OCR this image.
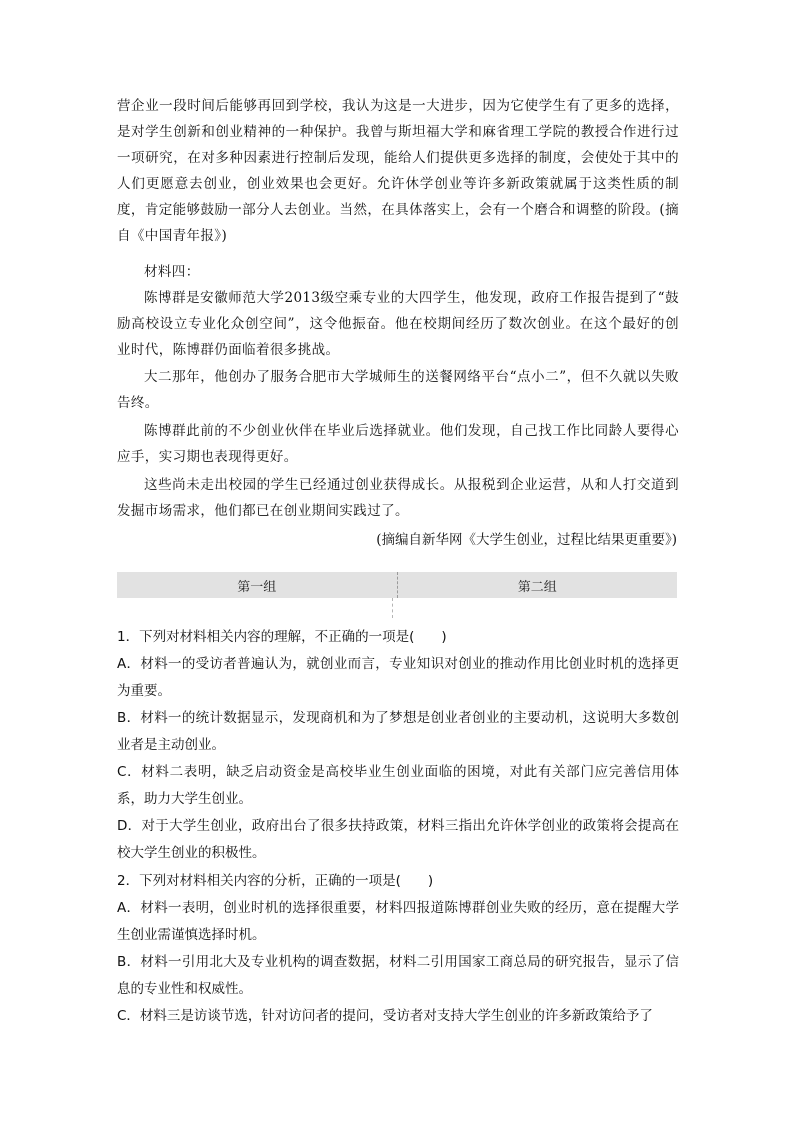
营企业一段时间后能够再回到学校，我认为这是一大进步，因为它使学生有了更多的选择，是对学生创新和创业精神的一种保护。我曾与斯坦福大学和麻省理工学院的教授合作进行过一项研究，在对多种因素进行控制后发现，能给人们提供更多选择的制度，会使处于其中的人们更愿意去创业，创业效果也会更好。允许休学创业等许多新政策就属于这类性质的制度，肯定能够鼓励一部分人去创业。当然，在具体落实上，会有一个磨合和调整的阶段。(摘自《中国青年报》)

材料四：

陈博群是安徽师范大学2013级空乘专业的大四学生，他发现，政府工作报告提到了“鼓励高校设立专业化众创空间”，这令他振奋。他在校期间经历了数次创业。在这个最好的创业时代，陈博群仍面临着很多挑战。

大二那年，他创办了服务合肥市大学城师生的送餐网络平台“点小二”，但不久就以失败告终。

陈博群此前的不少创业伙伴在毕业后选择就业。他们发现，自己找工作比同龄人要得心应手，实习期也表现得更好。

这些尚未走出校园的学生已经通过创业获得成长。从报税到企业运营，从和人打交道到发掘市场需求，他们都已在创业期间实践过了。

(摘编自新华网《大学生创业，过程比结果更重要》)

第一组	第二组

1．下列对材料相关内容的理解，不正确的一项是(　　)

A．材料一的受访者普遍认为，就创业而言，专业知识对创业的推动作用比创业时机的选择更为重要。

B．材料一的统计数据显示，发现商机和为了梦想是创业者创业的主要动机，这说明大多数创业者是主动创业。

C．材料二表明，缺乏启动资金是高校毕业生创业面临的困境，对此有关部门应完善信用体系，助力大学生创业。

D．对于大学生创业，政府出台了很多扶持政策，材料三指出允许休学创业的政策将会提高在校大学生创业的积极性。

2．下列对材料相关内容的分析，正确的一项是(　　)

A．材料一表明，创业时机的选择很重要，材料四报道陈博群创业失败的经历，意在提醒大学生创业需谨慎选择时机。

B．材料一引用北大及专业机构的调查数据，材料二引用国家工商总局的研究报告，显示了信息的专业性和权威性。

C．材料三是访谈节选，针对访问者的提问，受访者对支持大学生创业的许多新政策给予了
